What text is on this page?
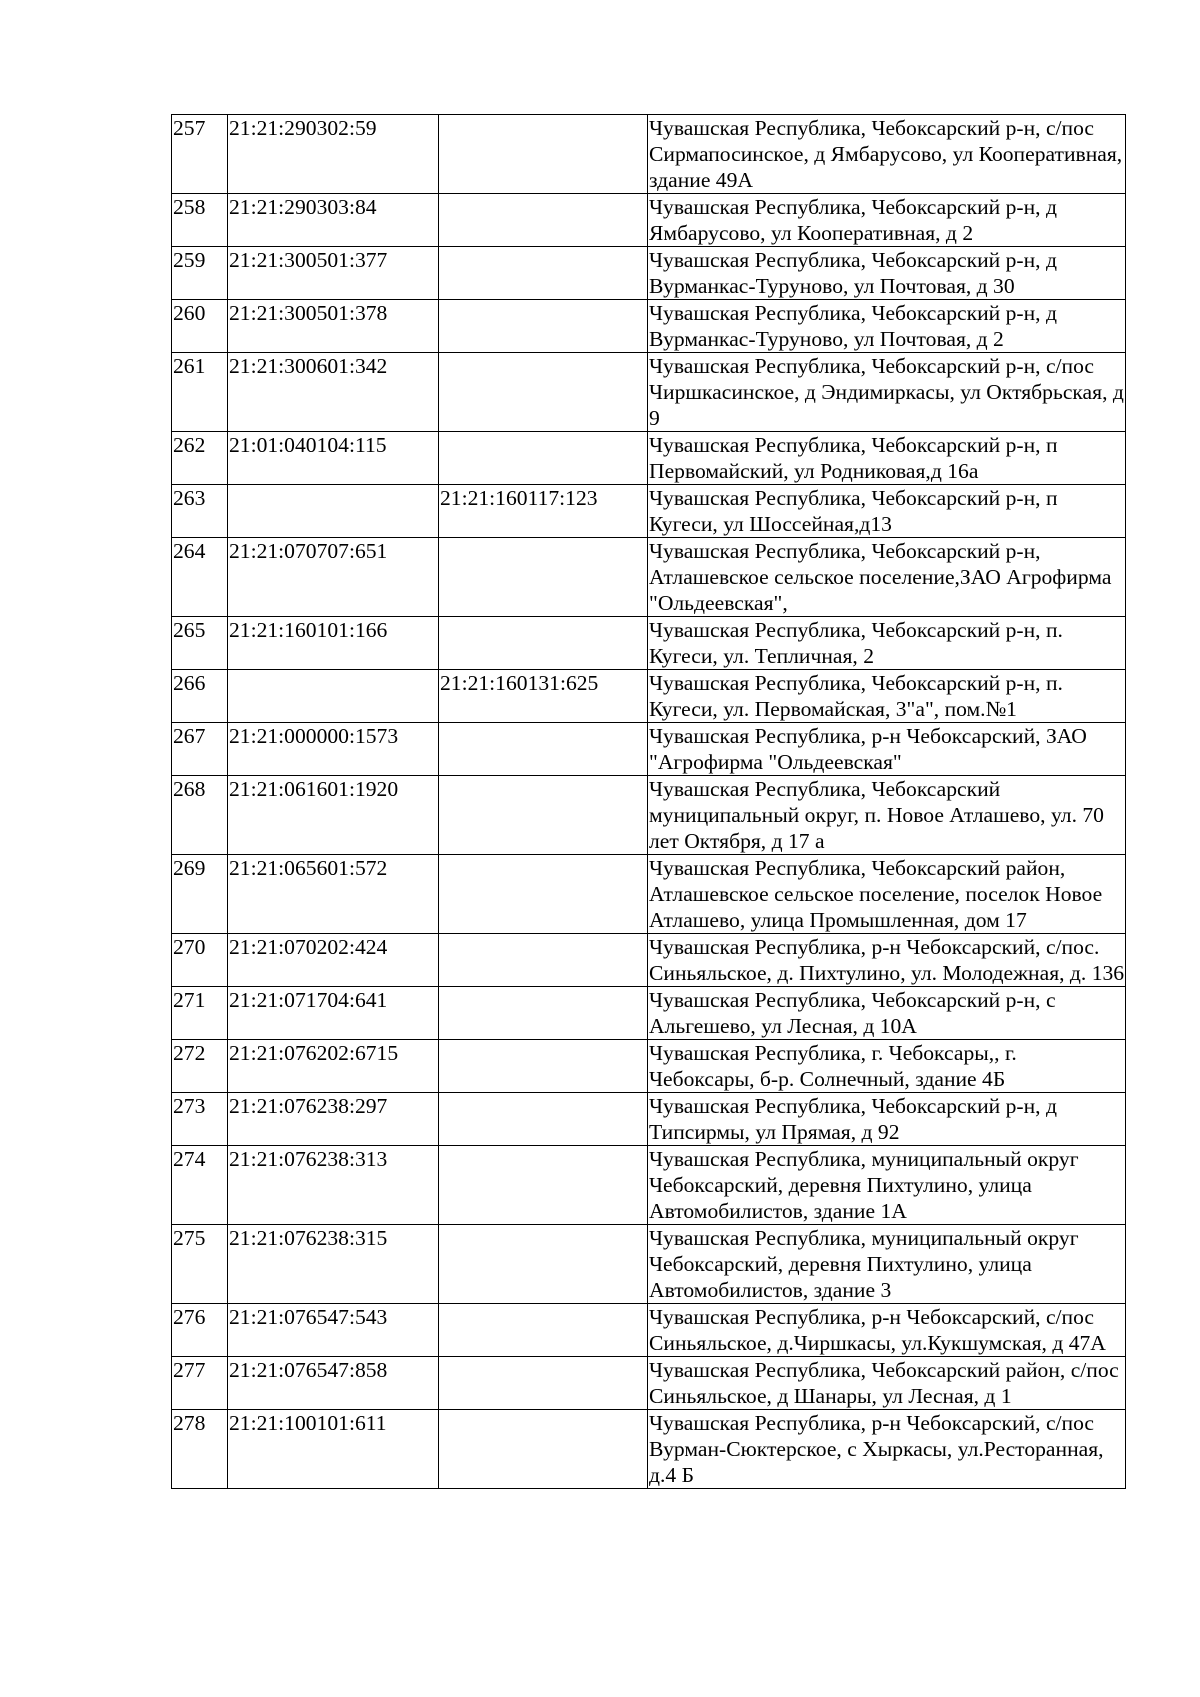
257	21:21:290302:59		Чувашская Республика, Чебоксарский р-н, с/пос Сирмапосинское, д Ямбарусово, ул Кооперативная, здание 49А
258	21:21:290303:84		Чувашская Республика, Чебоксарский р-н, д Ямбарусово, ул Кооперативная, д 2
259	21:21:300501:377		Чувашская Республика, Чебоксарский р-н, д Вурманкас-Туруново, ул Почтовая, д 30
260	21:21:300501:378		Чувашская Республика, Чебоксарский р-н, д Вурманкас-Туруново, ул Почтовая, д 2
261	21:21:300601:342		Чувашская Республика, Чебоксарский р-н, с/пос Чиршкасинское, д Эндимиркасы, ул Октябрьская, д 9
262	21:01:040104:115		Чувашская Республика, Чебоксарский р-н, п Первомайский, ул Родниковая,д 16а
263		21:21:160117:123	Чувашская Республика, Чебоксарский р-н, п Кугеси, ул Шоссейная,д13
264	21:21:070707:651		Чувашская Республика, Чебоксарский р-н, Атлашевское сельское поселение,ЗАО Агрофирма "Ольдеевская",
265	21:21:160101:166		Чувашская Республика, Чебоксарский р-н, п. Кугеси, ул. Тепличная, 2
266		21:21:160131:625	Чувашская Республика, Чебоксарский р-н, п. Кугеси, ул. Первомайская, 3"а", пом.№1
267	21:21:000000:1573		Чувашская Республика, р-н Чебоксарский, ЗАО "Агрофирма "Ольдеевская"
268	21:21:061601:1920		Чувашская Республика, Чебоксарский муниципальный округ, п. Новое Атлашево, ул. 70 лет Октября, д 17 а
269	21:21:065601:572		Чувашская Республика, Чебоксарский район, Атлашевское сельское поселение, поселок Новое Атлашево, улица Промышленная, дом 17
270	21:21:070202:424		Чувашская Республика, р-н Чебоксарский, с/пос. Синьяльское, д. Пихтулино, ул. Молодежная, д. 136
271	21:21:071704:641		Чувашская Республика, Чебоксарский р-н, с Альгешево, ул Лесная, д 10А
272	21:21:076202:6715		Чувашская Республика, г. Чебоксары,, г. Чебоксары, б-р. Солнечный, здание 4Б
273	21:21:076238:297		Чувашская Республика, Чебоксарский р-н, д Типсирмы, ул Прямая, д 92
274	21:21:076238:313		Чувашская Республика, муниципальный округ Чебоксарский, деревня Пихтулино, улица Автомобилистов, здание 1А
275	21:21:076238:315		Чувашская Республика, муниципальный округ Чебоксарский, деревня Пихтулино, улица Автомобилистов, здание 3
276	21:21:076547:543		Чувашская Республика, р-н Чебоксарский, с/пос Синьяльское, д.Чиршкасы, ул.Кукшумская, д 47А
277	21:21:076547:858		Чувашская Республика, Чебоксарский район, с/пос Синьяльское, д Шанары, ул Лесная, д 1
278	21:21:100101:611		Чувашская Республика, р-н Чебоксарский, с/пос Вурман-Сюктерское, с Хыркасы, ул.Ресторанная, д.4 Б
